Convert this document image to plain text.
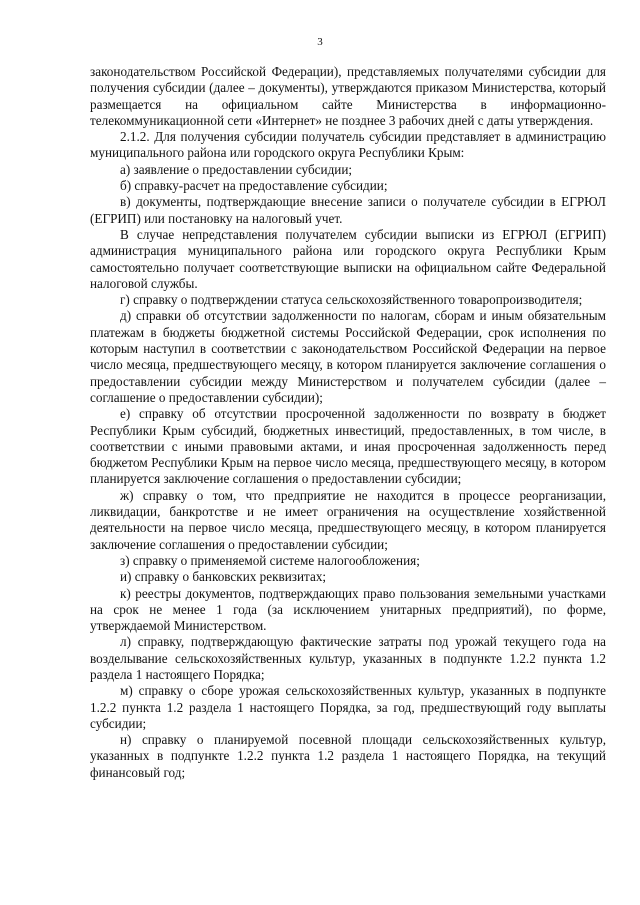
3

законодательством Российской Федерации), представляемых получателями субсидии для получения субсидии (далее – документы), утверждаются приказом Министерства, который размещается на официальном сайте Министерства в информационно-телекоммуникационной сети «Интернет» не позднее 3 рабочих дней с даты утверждения.

2.1.2. Для получения субсидии получатель субсидии представляет в администрацию муниципального района или городского округа Республики Крым:

а) заявление о предоставлении субсидии;

б) справку-расчет на предоставление субсидии;

в) документы, подтверждающие внесение записи о получателе субсидии в ЕГРЮЛ (ЕГРИП) или постановку на налоговый учет.

В случае непредставления получателем субсидии выписки из ЕГРЮЛ (ЕГРИП) администрация муниципального района или городского округа Республики Крым самостоятельно получает соответствующие выписки на официальном сайте Федеральной налоговой службы.

г) справку о подтверждении статуса сельскохозяйственного товаропроизводителя;

д) справки об отсутствии задолженности по налогам, сборам и иным обязательным платежам в бюджеты бюджетной системы Российской Федерации, срок исполнения по которым наступил в соответствии с законодательством Российской Федерации на первое число месяца, предшествующего месяцу, в котором планируется заключение соглашения о предоставлении субсидии между Министерством и получателем субсидии (далее – соглашение о предоставлении субсидии);

е) справку об отсутствии просроченной задолженности по возврату в бюджет Республики Крым субсидий, бюджетных инвестиций, предоставленных, в том числе, в соответствии с иными правовыми актами, и иная просроченная задолженность перед бюджетом Республики Крым на первое число месяца, предшествующего месяцу, в котором планируется заключение соглашения о предоставлении субсидии;

ж) справку о том, что предприятие не находится в процессе реорганизации, ликвидации, банкротстве и не имеет ограничения на осуществление хозяйственной деятельности на первое число месяца, предшествующего месяцу, в котором планируется заключение соглашения о предоставлении субсидии;

з) справку о применяемой системе налогообложения;

и) справку о банковских реквизитах;

к) реестры документов, подтверждающих право пользования земельными участками на срок не менее 1 года (за исключением унитарных предприятий), по форме, утверждаемой Министерством.

л) справку, подтверждающую фактические затраты под урожай текущего года на возделывание сельскохозяйственных культур, указанных в подпункте 1.2.2 пункта 1.2 раздела 1 настоящего Порядка;

м) справку о сборе урожая сельскохозяйственных культур, указанных в подпункте 1.2.2 пункта 1.2 раздела 1 настоящего Порядка, за год, предшествующий году выплаты субсидии;

н) справку о планируемой посевной площади сельскохозяйственных культур, указанных в подпункте 1.2.2 пункта 1.2 раздела 1 настоящего Порядка, на текущий финансовый год;
